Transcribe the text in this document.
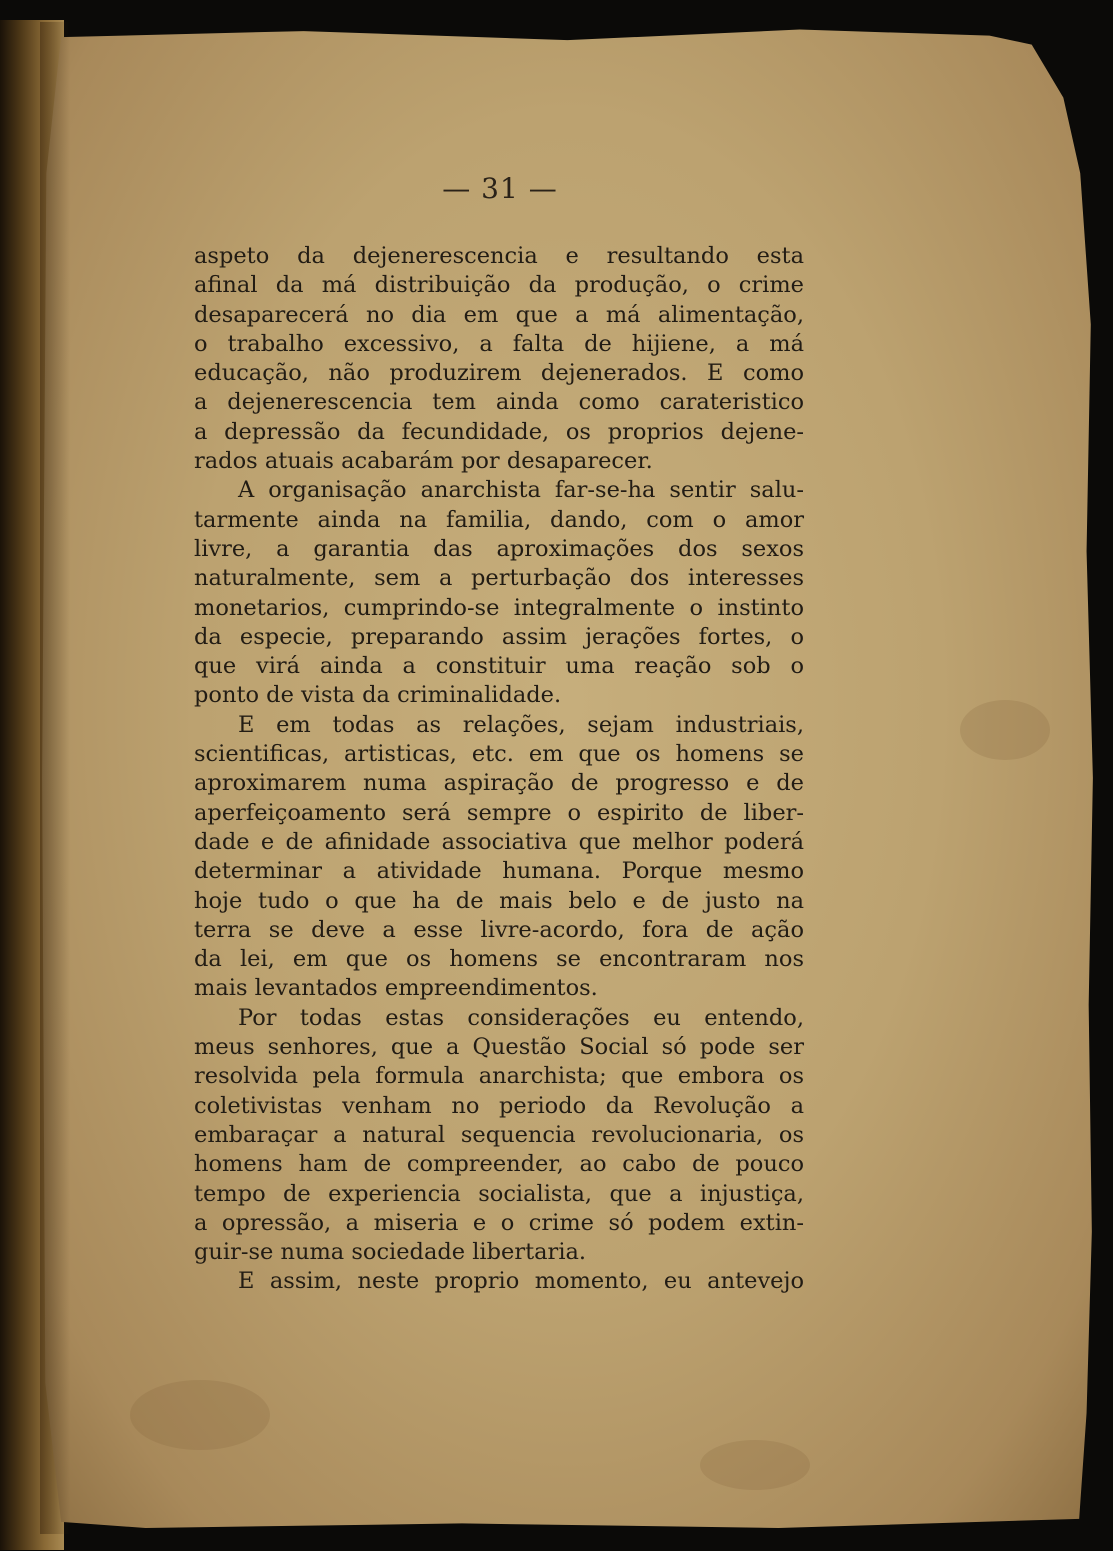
— 31 —
aspeto da dejenerescencia e resultando esta
afinal da má distribuição da produção, o crime
desaparecerá no dia em que a má alimentação,
o trabalho excessivo, a falta de hijiene, a má
educação, não produzirem dejenerados. E como
a dejenerescencia tem ainda como carateristico
a depressão da fecundidade, os proprios dejene-
rados atuais acabarám por desaparecer.
A organisação anarchista far-se-ha sentir salu-
tarmente ainda na familia, dando, com o amor
livre, a garantia das aproximações dos sexos
naturalmente, sem a perturbação dos interesses
monetarios, cumprindo-se integralmente o instinto
da especie, preparando assim jerações fortes, o
que virá ainda a constituir uma reação sob o
ponto de vista da criminalidade.
E em todas as relações, sejam industriais,
scientificas, artisticas, etc. em que os homens se
aproximarem numa aspiração de progresso e de
aperfeiçoamento será sempre o espirito de liber-
dade e de afinidade associativa que melhor poderá
determinar a atividade humana. Porque mesmo
hoje tudo o que ha de mais belo e de justo na
terra se deve a esse livre-acordo, fora de ação
da lei, em que os homens se encontraram nos
mais levantados empreendimentos.
Por todas estas considerações eu entendo,
meus senhores, que a Questão Social só pode ser
resolvida pela formula anarchista; que embora os
coletivistas venham no periodo da Revolução a
embaraçar a natural sequencia revolucionaria, os
homens ham de compreender, ao cabo de pouco
tempo de experiencia socialista, que a injustiça,
a opressão, a miseria e o crime só podem extin-
guir-se numa sociedade libertaria.
E assim, neste proprio momento, eu antevejo
